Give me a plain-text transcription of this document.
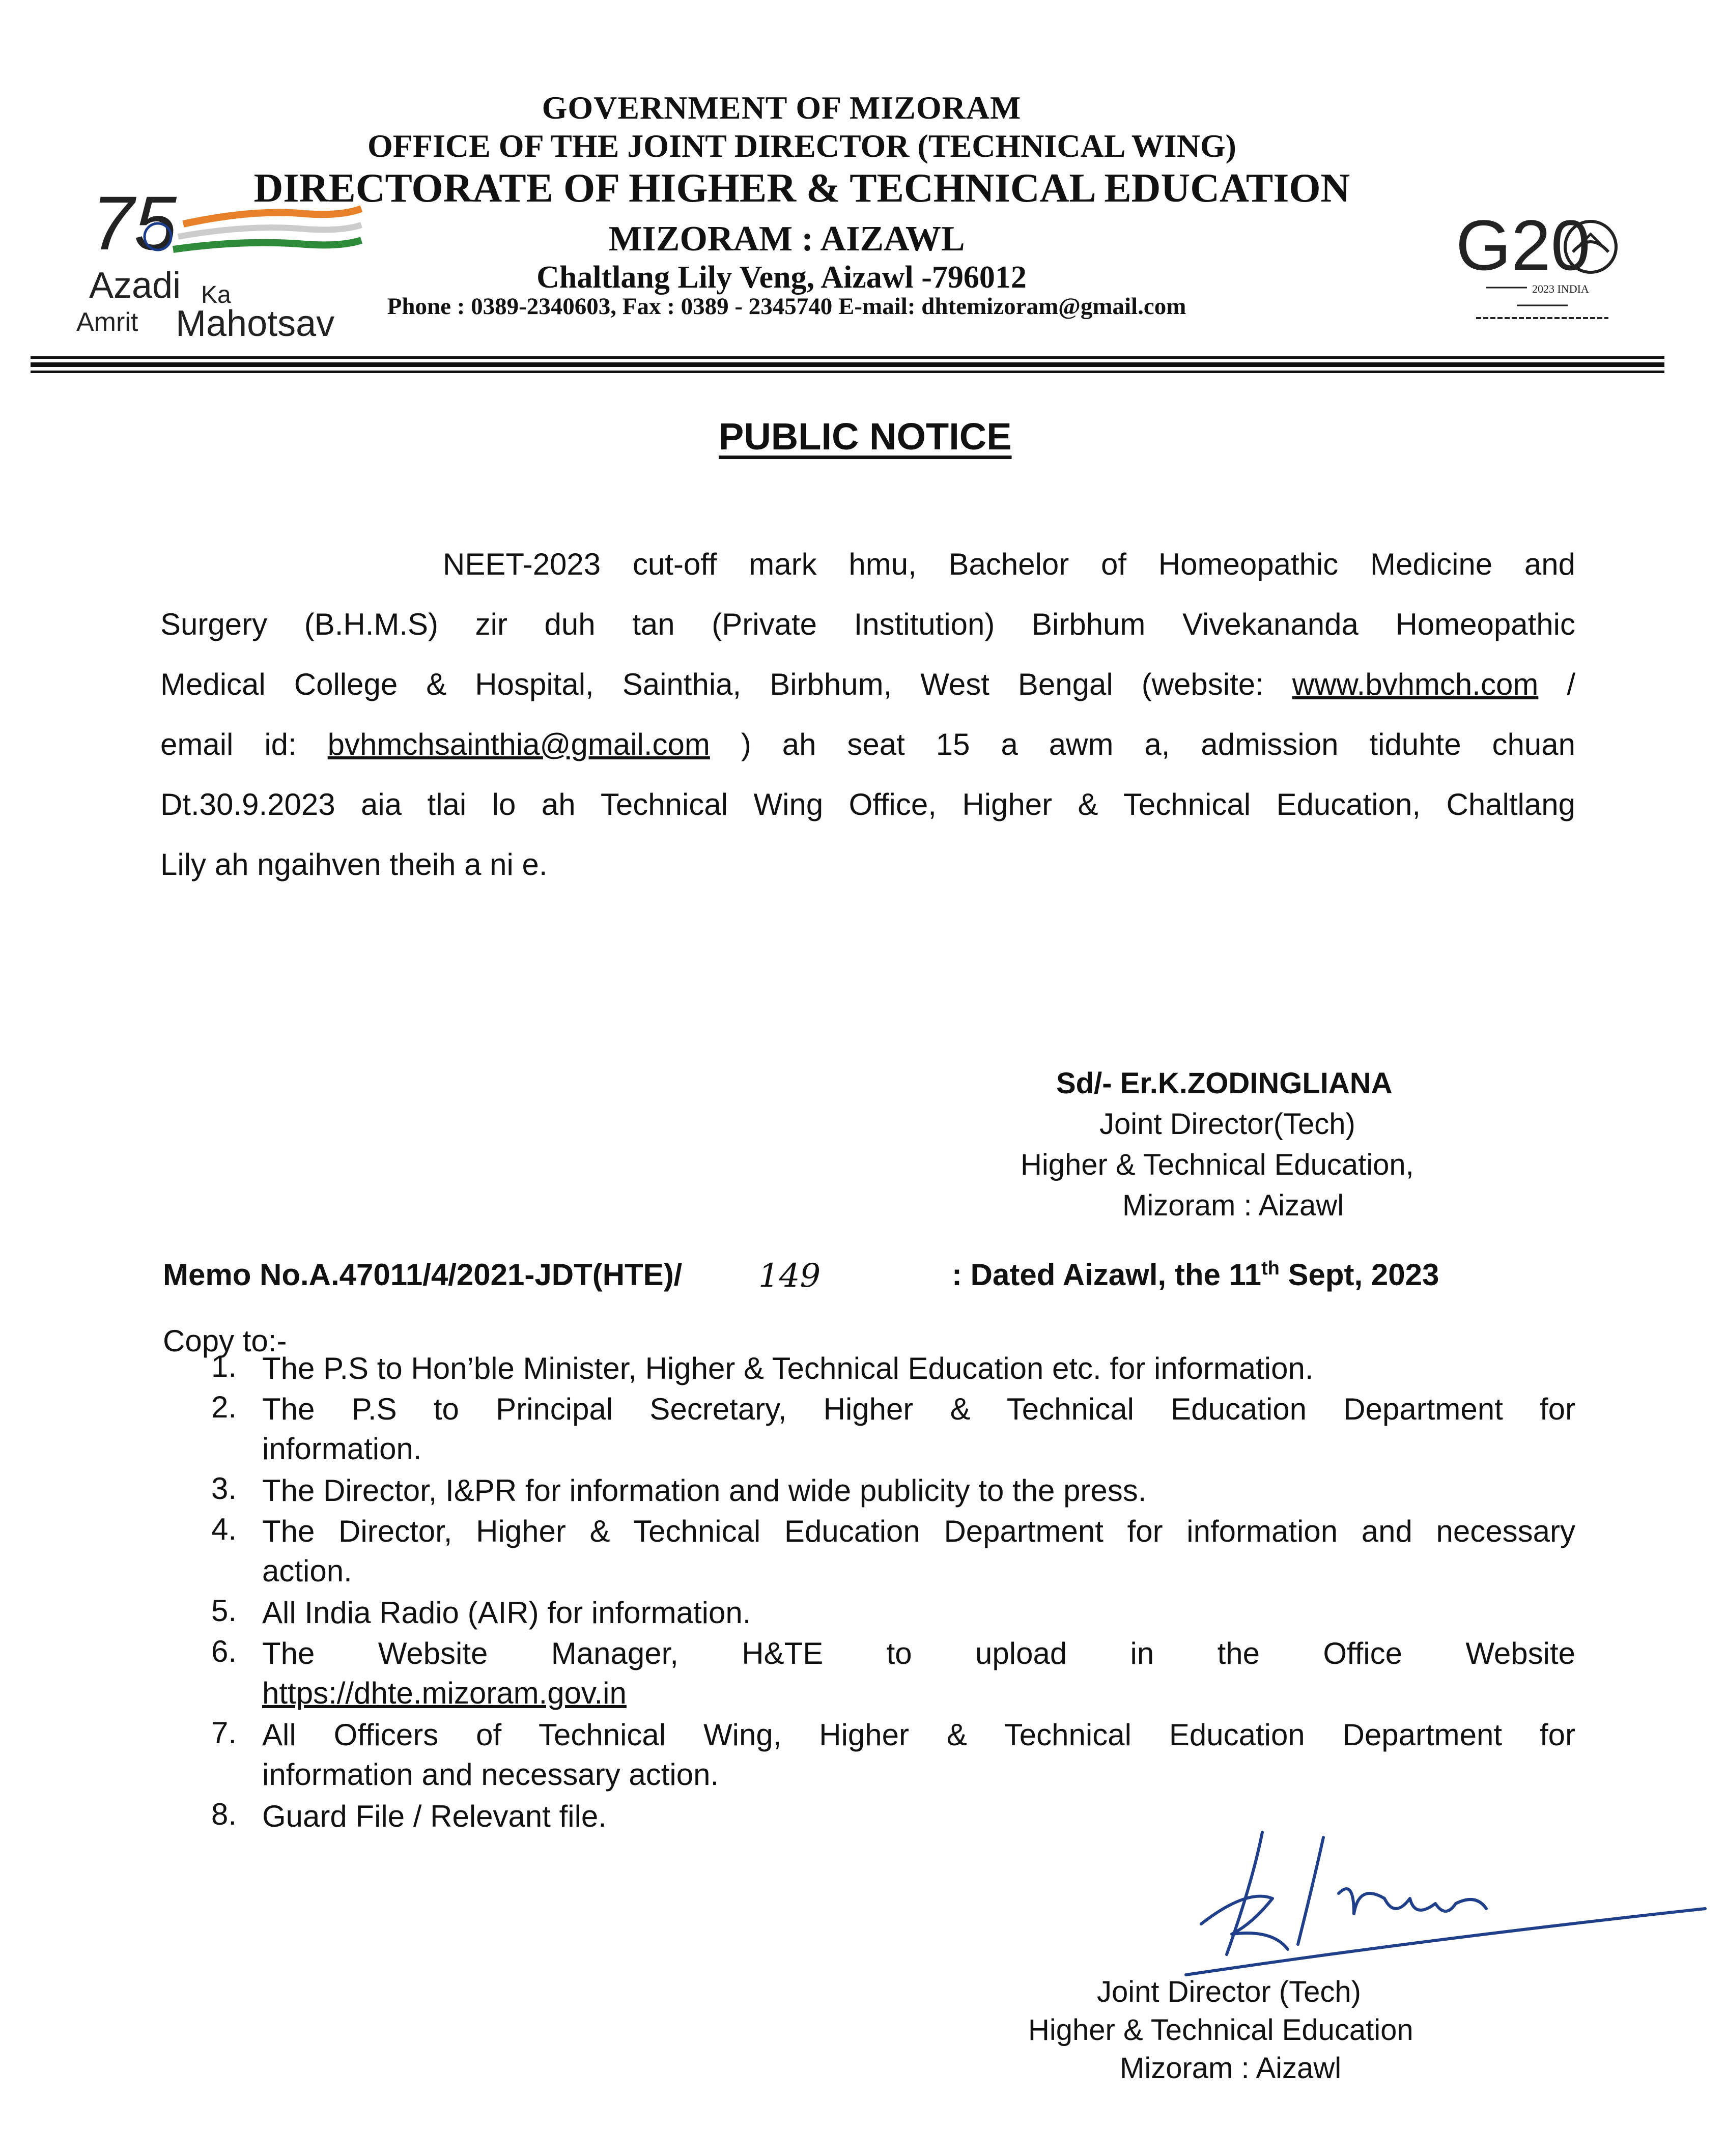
GOVERNMENT OF MIZORAM
OFFICE OF THE JOINT DIRECTOR (TECHNICAL WING)
DIRECTORATE OF HIGHER & TECHNICAL EDUCATION
MIZORAM : AIZAWL
Chaltlang Lily Veng, Aizawl -796012
Phone : 0389-2340603, Fax : 0389 - 2345740 E-mail: dhtemizoram@gmail.com
75
Azadi Ka
Amrit Mahotsav
G20
2023 INDIA
PUBLIC NOTICE
NEET-2023 cut-off mark hmu, Bachelor of Homeopathic Medicine and
Surgery (B.H.M.S) zir duh tan (Private Institution) Birbhum Vivekananda Homeopathic
Medical College & Hospital, Sainthia, Birbhum, West Bengal (website: www.bvhmch.com /
email id: bvhmchsainthia@gmail.com ) ah seat 15 a awm a, admission tiduhte chuan
Dt.30.9.2023 aia tlai lo ah Technical Wing Office, Higher & Technical Education, Chaltlang
Lily ah ngaihven theih a ni e.
Sd/- Er.K.ZODINGLIANA
Joint Director(Tech)
Higher & Technical Education,
Mizoram : Aizawl
Memo No.A.47011/4/2021-JDT(HTE)/ 149	: Dated Aizawl, the 11th Sept, 2023
Copy to:-
1. The P.S to Hon’ble Minister, Higher & Technical Education etc. for information.
2. The P.S to Principal Secretary, Higher & Technical Education Department for
information.
3. The Director, I&PR for information and wide publicity to the press.
4. The Director, Higher & Technical Education Department for information and necessary
action.
5. All India Radio (AIR) for information.
6. The Website Manager, H&TE to upload in the Office Website
https://dhte.mizoram.gov.in
7. All Officers of Technical Wing, Higher & Technical Education Department for
information and necessary action.
8. Guard File / Relevant file.
Joint Director (Tech)
Higher & Technical Education
Mizoram : Aizawl
